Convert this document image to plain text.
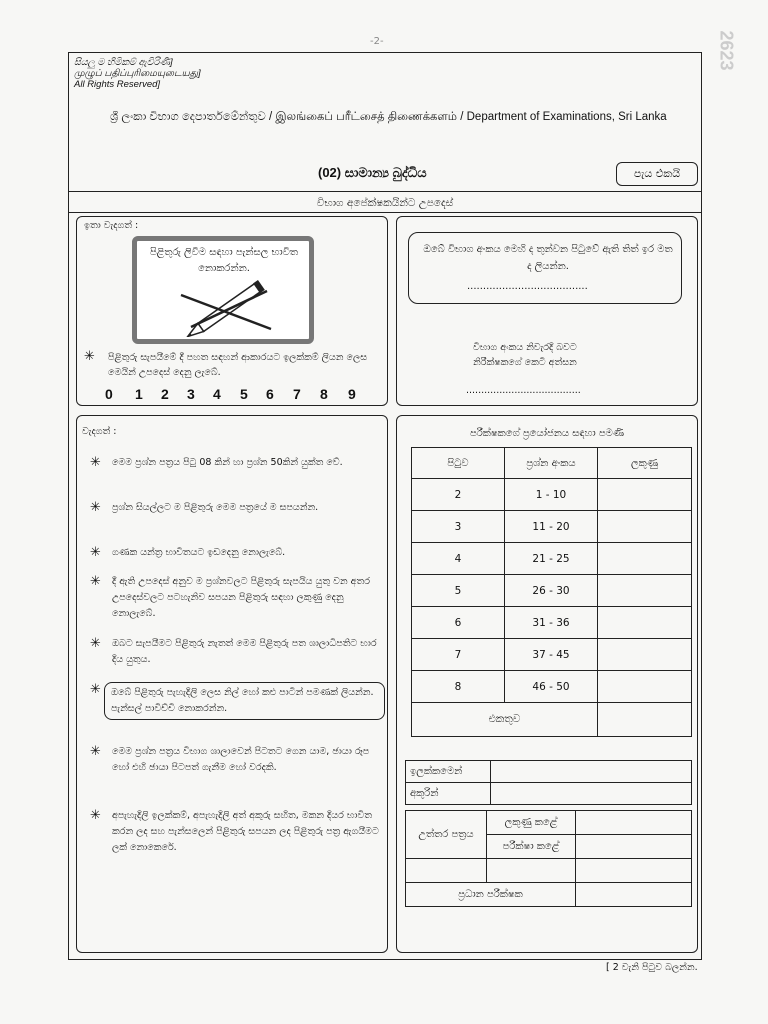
2623
-2-
සියලු ම හිමිකම් ඇවිරිණි]
முழுப் பதிப்புரிமையுடையது]
All Rights Reserved]
ශ්‍රී ලංකා විභාග දෙපාර්තමේන්තුව / இலங்கைப் பரீட்சைத் திணைக்களம் / Department of Examinations, Sri Lanka
(02) සාමාන්‍ය බුද්ධිය	පැය එකයි
විභාග අපේක්ෂකයින්ට උපදෙස්
ඉතා වැදගත් :
පිළිතුරු ලිවීම සඳහා පැන්සල භාවිත නොකරන්න.
✳ පිළිතුරු සැපයීමේ දී පහත සඳහන් ආකාරයට ඉලක්කම් ලියන ලෙස මෙයින් උපදෙස් දෙනු ලැබේ.
0 1 2 3 4 5 6 7 8 9
ඔබේ විභාග අංකය මෙහි ද තුන්වන පිටුවේ ඇති තිත් ඉර මත ද ලියන්න.
......................................
විභාග අංකය නිවැරදි බවට නිරීක්ෂකගේ කෙටි අත්සන
......................................
වැදගත් :
✳ මෙම ප්‍රශ්න පත්‍රය පිටු 08 කින් හා ප්‍රශ්න 50කින් යුක්ත වේ.
✳ ප්‍රශ්න සියල්ලට ම පිළිතුරු මෙම පත්‍රයේ ම සපයන්න.
✳ ගණක යන්ත්‍ර භාවිතයට ඉඩදෙනු නොලැබේ.
✳ දී ඇති උපදෙස් අනුව ම ප්‍රශ්නවලට පිළිතුරු සැපයිය යුතු වන අතර උපදෙස්වලට පටහැනිව සපයන පිළිතුරු සඳහා ලකුණු දෙනු නොලැබේ.
✳ ඔබට සැපයීමට පිළිතුරු නැතත් මෙම පිළිතුරු පත ශාලාධිපතිට භාර දිය යුතුය.
✳	ඔබේ පිළිතුරු පැහැදිලි ලෙස නිල් හෝ කළු පාටින් පමණක් ලියන්න. පැන්සල් පාවිච්චි නොකරන්න.
✳ මෙම ප්‍රශ්න පත්‍රය විභාග ශාලාවෙන් පිටතට ගෙන යාම, ඡායා රූප හෝ එහි ඡායා පිටපත් ගැනීම හෝ වරදකි.
✳ අපැහැදිලි ඉලක්කම්, අපැහැදිලි අත් අකුරු සහිත, මකන දියර භාවිත කරන ලද සහ පැන්සලෙන් පිළිතුරු සපයන ලද පිළිතුරු පත්‍ර ඇගයීමට ලක් නොකෙරේ.
පරීක්ෂකගේ ප්‍රයෝජනය සඳහා පමණි
පිටුව	ප්‍රශ්න අංකය	ලකුණු
2	1 - 10	
3	11 - 20	
4	21 - 25	
5	26 - 30	
6	31 - 36	
7	37 - 45	
8	46 - 50	
එකතුව		
ඉලක්කමෙන්	
අකුරින්	
උත්තර පත්‍රය	ලකුණු කළේ	
	පරීක්ෂා කළේ	

ප්‍රධාන පරීක්ෂක		
[ 2 වැනි පිටුව බලන්න.
